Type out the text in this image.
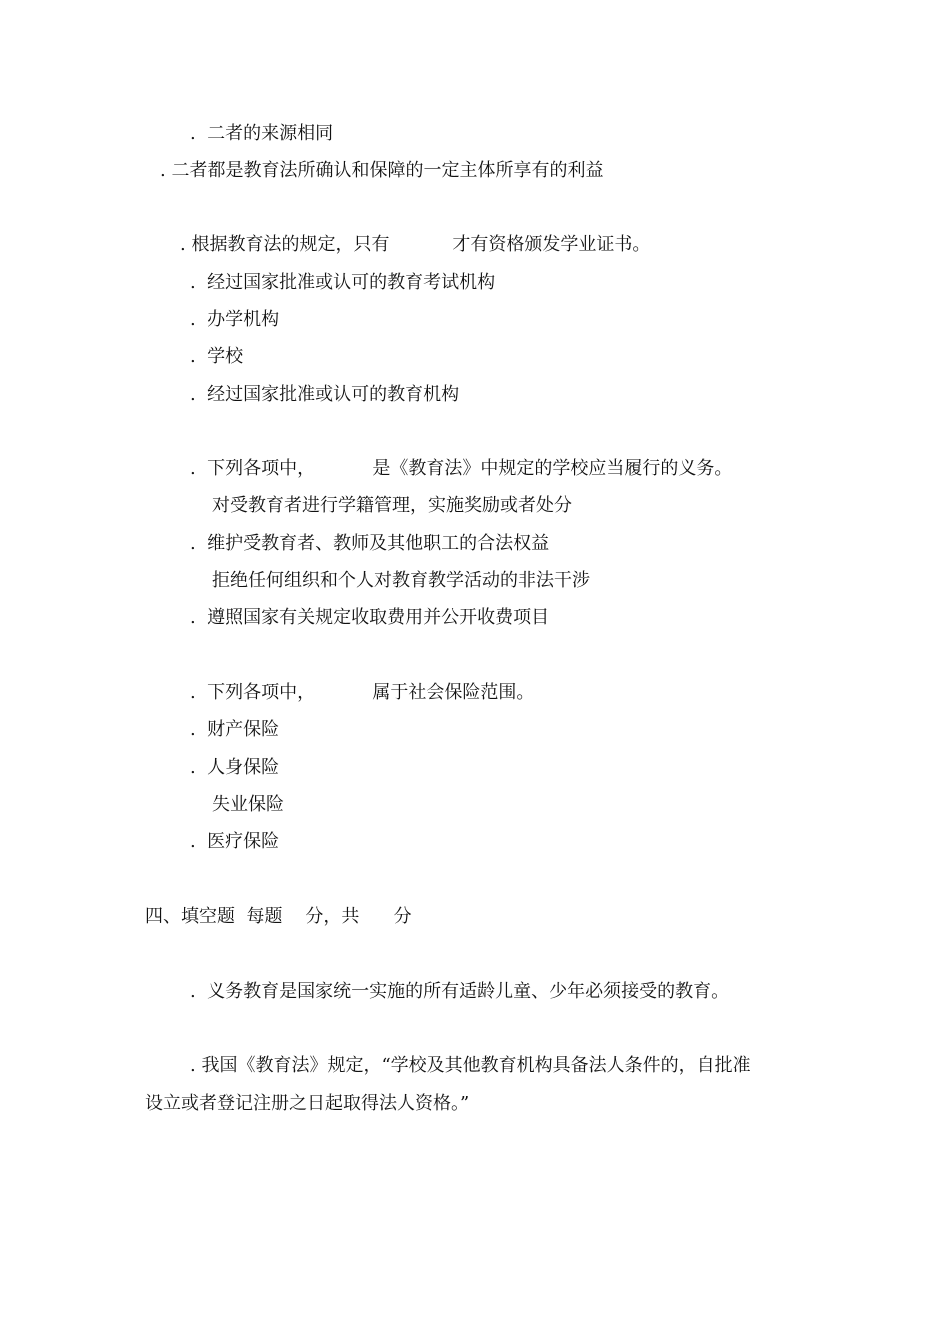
.  二者的来源相同
. 二者都是教育法所确认和保障的一定主体所享有的利益
. 根据教育法的规定，只有           才有资格颁发学业证书。
.  经过国家批准或认可的教育考试机构
.  办学机构
.  学校
.  经过国家批准或认可的教育机构
.  下列各项中，          是《教育法》中规定的学校应当履行的义务。
对受教育者进行学籍管理，实施奖励或者处分
.  维护受教育者、教师及其他职工的合法权益
拒绝任何组织和个人对教育教学活动的非法干涉
.  遵照国家有关规定收取费用并公开收费项目
.  下列各项中，          属于社会保险范围。
.  财产保险
.  人身保险
失业保险
.  医疗保险
四、填空题  每题    分，共      分
.  义务教育是国家统一实施的所有适龄儿童、少年必须接受的教育。
. 我国《教育法》规定，“学校及其他教育机构具备法人条件的，自批准
设立或者登记注册之日起取得法人资格。”
